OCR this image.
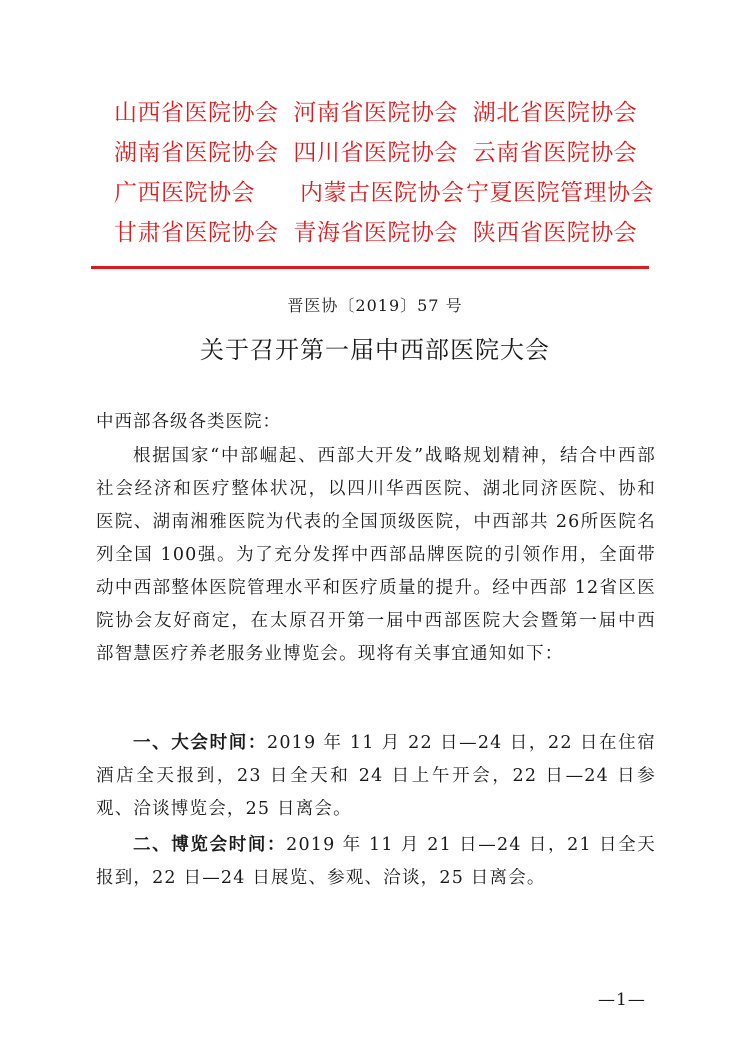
山西省医院协会 河南省医院协会 湖北省医院协会
湖南省医院协会 四川省医院协会 云南省医院协会
广西医院协会	内蒙古医院协会 宁夏医院管理协会
甘肃省医院协会 青海省医院协会 陕西省医院协会
晋医协〔2019〕57 号
关于召开第一届中西部医院大会
中西部各级各类医院：

根据国家“中部崛起、西部大开发”战略规划精神，结合中西部社会经济和医疗整体状况，以四川华西医院、湖北同济医院、协和医院、湖南湘雅医院为代表的全国顶级医院，中西部共 26所医院名列全国 100强。为了充分发挥中西部品牌医院的引领作用，全面带动中西部整体医院管理水平和医疗质量的提升。经中西部 12省区医院协会友好商定，在太原召开第一届中西部医院大会暨第一届中西部智慧医疗养老服务业博览会。现将有关事宜通知如下：

一、大会时间：2019 年 11 月 22 日—24 日，22 日在住宿酒店全天报到，23 日全天和 24 日上午开会，22 日—24 日参观、洽谈博览会，25 日离会。

二、博览会时间：2019 年 11 月 21 日—24 日，21 日全天报到，22 日—24 日展览、参观、洽谈，25 日离会。

—1—
